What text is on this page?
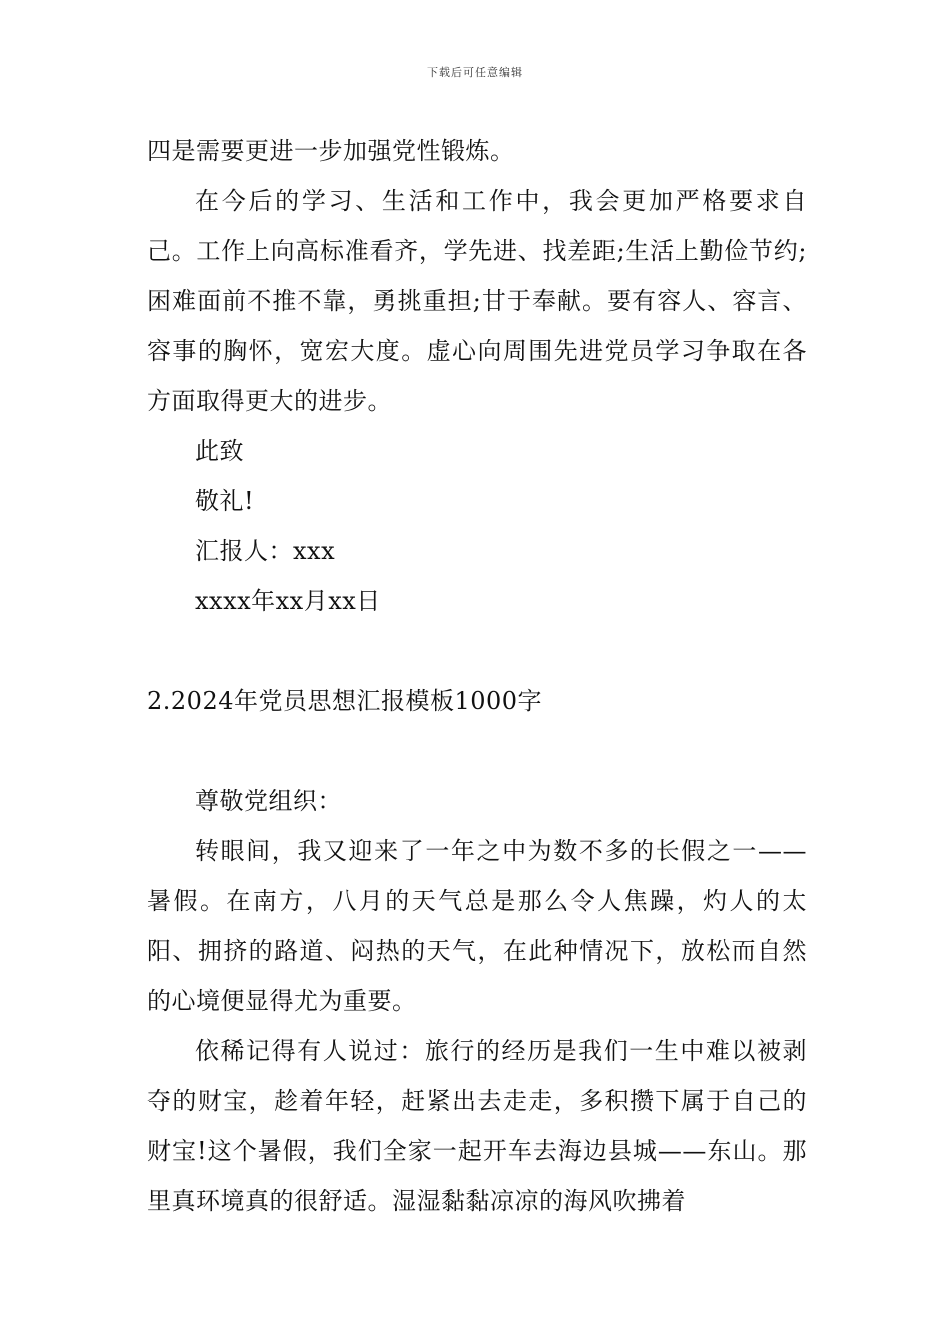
下载后可任意编辑

四是需要更进一步加强党性锻炼。

在今后的学习、生活和工作中，我会更加严格要求自己。工作上向高标准看齐，学先进、找差距;生活上勤俭节约;困难面前不推不靠，勇挑重担;甘于奉献。要有容人、容言、容事的胸怀，宽宏大度。虚心向周围先进党员学习争取在各方面取得更大的进步。

此致

敬礼!

汇报人：xxx

xxxx年xx月xx日

2.2024年党员思想汇报模板1000字

尊敬党组织：

转眼间，我又迎来了一年之中为数不多的长假之一——暑假。在南方，八月的天气总是那么令人焦躁，灼人的太阳、拥挤的路道、闷热的天气，在此种情况下，放松而自然的心境便显得尤为重要。

依稀记得有人说过：旅行的经历是我们一生中难以被剥夺的财宝，趁着年轻，赶紧出去走走，多积攒下属于自己的财宝!这个暑假，我们全家一起开车去海边县城——东山。那里真环境真的很舒适。湿湿黏黏凉凉的海风吹拂着
